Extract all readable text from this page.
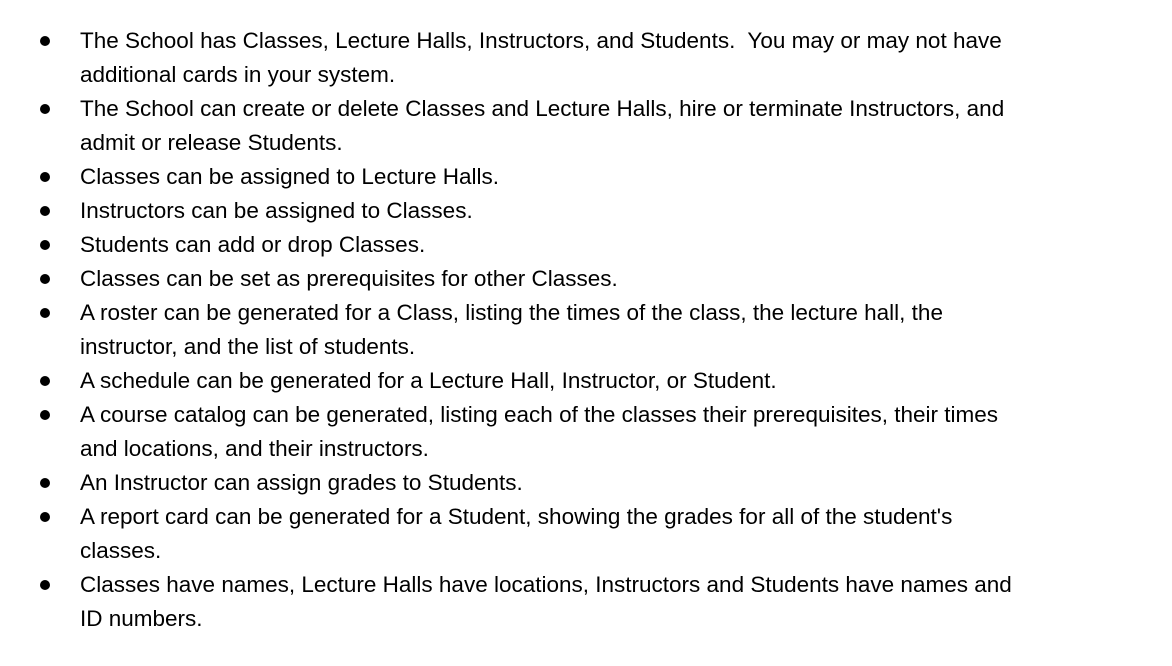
The School has Classes, Lecture Halls, Instructors, and Students.  You may or may not have
additional cards in your system.
The School can create or delete Classes and Lecture Halls, hire or terminate Instructors, and
admit or release Students.
Classes can be assigned to Lecture Halls.
Instructors can be assigned to Classes.
Students can add or drop Classes.
Classes can be set as prerequisites for other Classes.
A roster can be generated for a Class, listing the times of the class, the lecture hall, the
instructor, and the list of students.
A schedule can be generated for a Lecture Hall, Instructor, or Student.
A course catalog can be generated, listing each of the classes their prerequisites, their times
and locations, and their instructors.
An Instructor can assign grades to Students.
A report card can be generated for a Student, showing the grades for all of the student's
classes.
Classes have names, Lecture Halls have locations, Instructors and Students have names and
ID numbers.
